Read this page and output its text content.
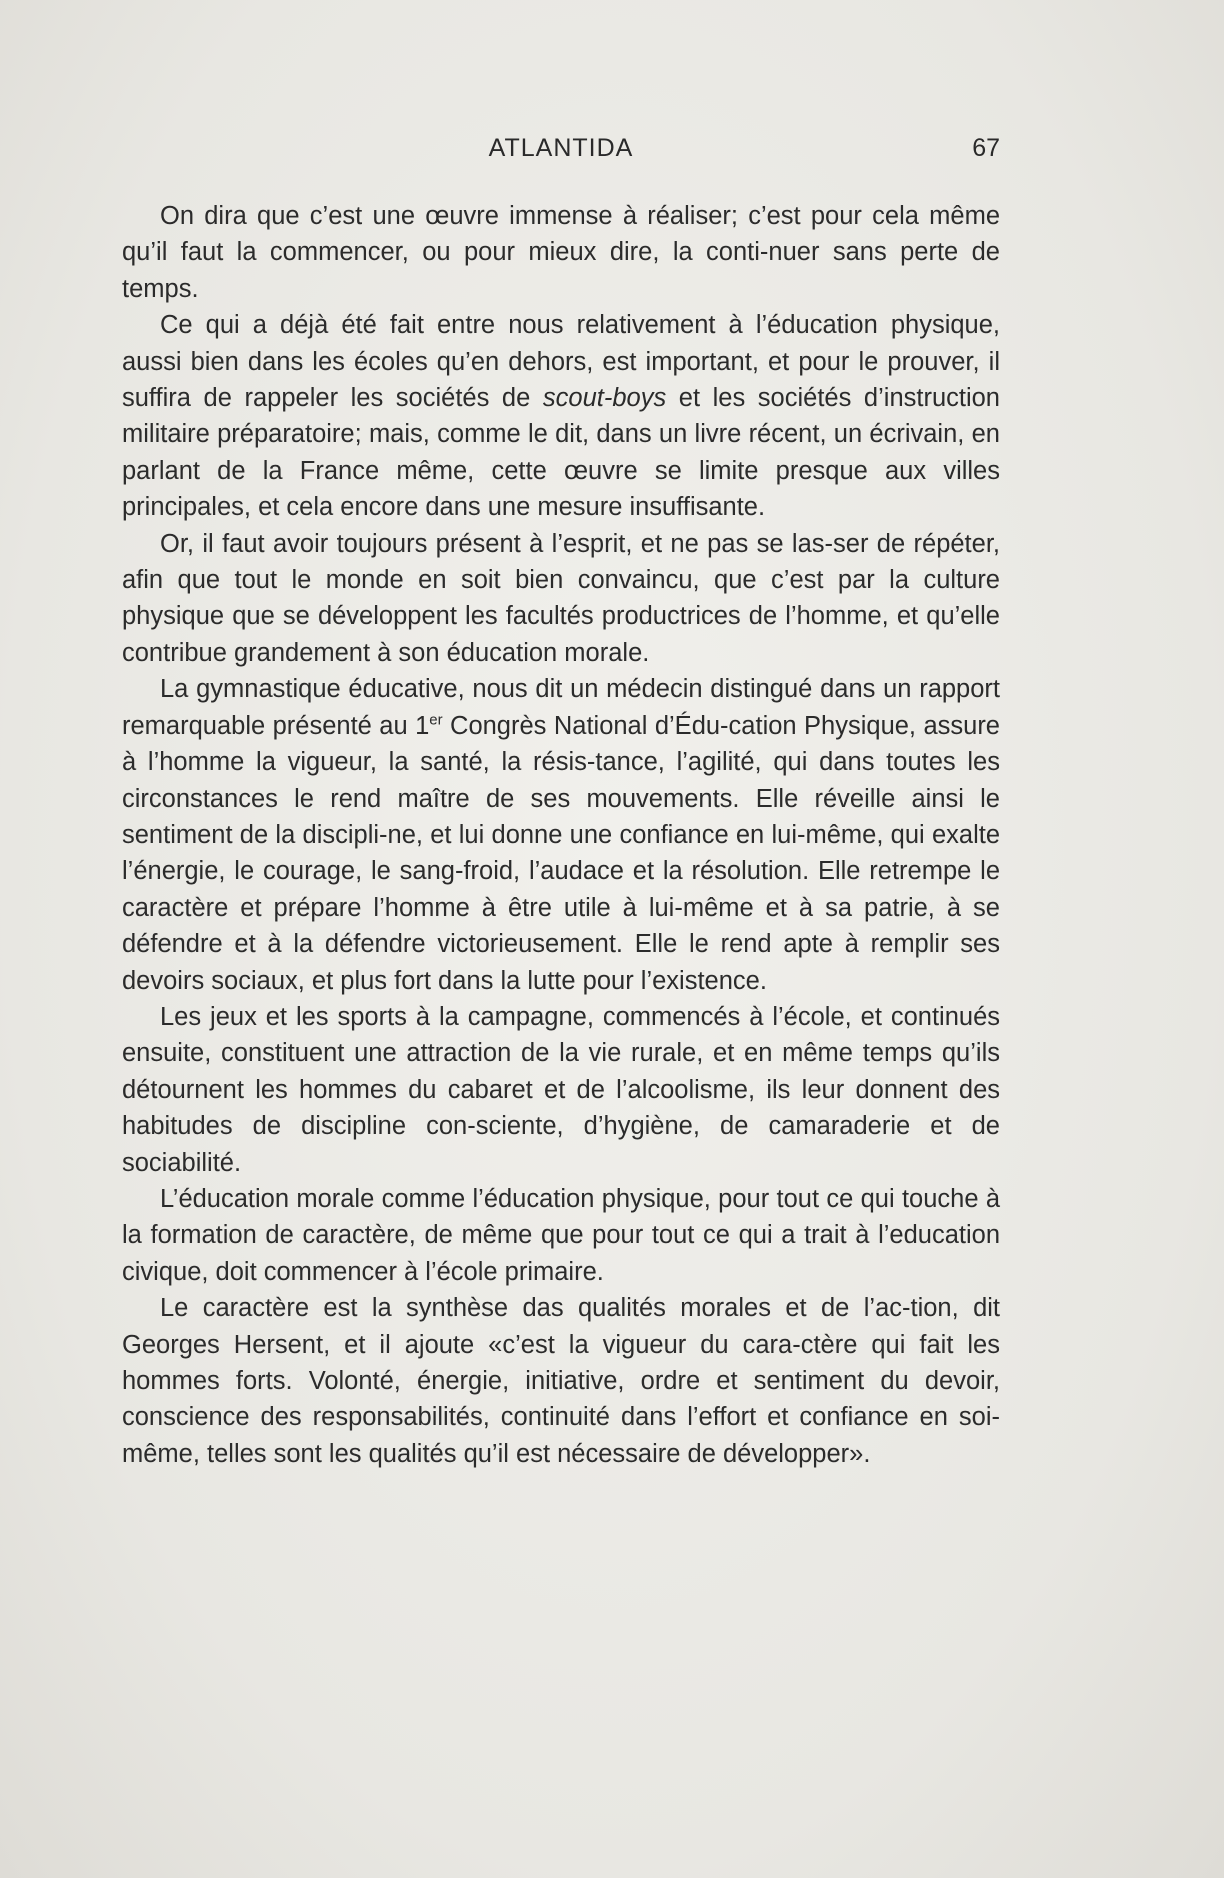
ATLANTIDA	67

On dira que c’est une œuvre immense à réaliser; c’est pour cela même qu’il faut la commencer, ou pour mieux dire, la conti-nuer sans perte de temps.

Ce qui a déjà été fait entre nous relativement à l’éducation physique, aussi bien dans les écoles qu’en dehors, est important, et pour le prouver, il suffira de rappeler les sociétés de scout-boys et les sociétés d’instruction militaire préparatoire; mais, comme le dit, dans un livre récent, un écrivain, en parlant de la France même, cette œuvre se limite presque aux villes principales, et cela encore dans une mesure insuffisante.

Or, il faut avoir toujours présent à l’esprit, et ne pas se las-ser de répéter, afin que tout le monde en soit bien convaincu, que c’est par la culture physique que se développent les facultés productrices de l’homme, et qu’elle contribue grandement à son éducation morale.

La gymnastique éducative, nous dit un médecin distingué dans un rapport remarquable présenté au 1er Congrès National d’Édu-cation Physique, assure à l’homme la vigueur, la santé, la résis-tance, l’agilité, qui dans toutes les circonstances le rend maître de ses mouvements. Elle réveille ainsi le sentiment de la discipli-ne, et lui donne une confiance en lui-même, qui exalte l’énergie, le courage, le sang-froid, l’audace et la résolution. Elle retrempe le caractère et prépare l’homme à être utile à lui-même et à sa patrie, à se défendre et à la défendre victorieusement. Elle le rend apte à remplir ses devoirs sociaux, et plus fort dans la lutte pour l’existence.

Les jeux et les sports à la campagne, commencés à l’école, et continués ensuite, constituent une attraction de la vie rurale, et en même temps qu’ils détournent les hommes du cabaret et de l’alcoolisme, ils leur donnent des habitudes de discipline con-sciente, d’hygiène, de camaraderie et de sociabilité.

L’éducation morale comme l’éducation physique, pour tout ce qui touche à la formation de caractère, de même que pour tout ce qui a trait à l’education civique, doit commencer à l’école primaire.

Le caractère est la synthèse das qualités morales et de l’ac-tion, dit Georges Hersent, et il ajoute «c’est la vigueur du cara-ctère qui fait les hommes forts. Volonté, énergie, initiative, ordre et sentiment du devoir, conscience des responsabilités, continuité dans l’effort et confiance en soi-même, telles sont les qualités qu’il est nécessaire de développer».
